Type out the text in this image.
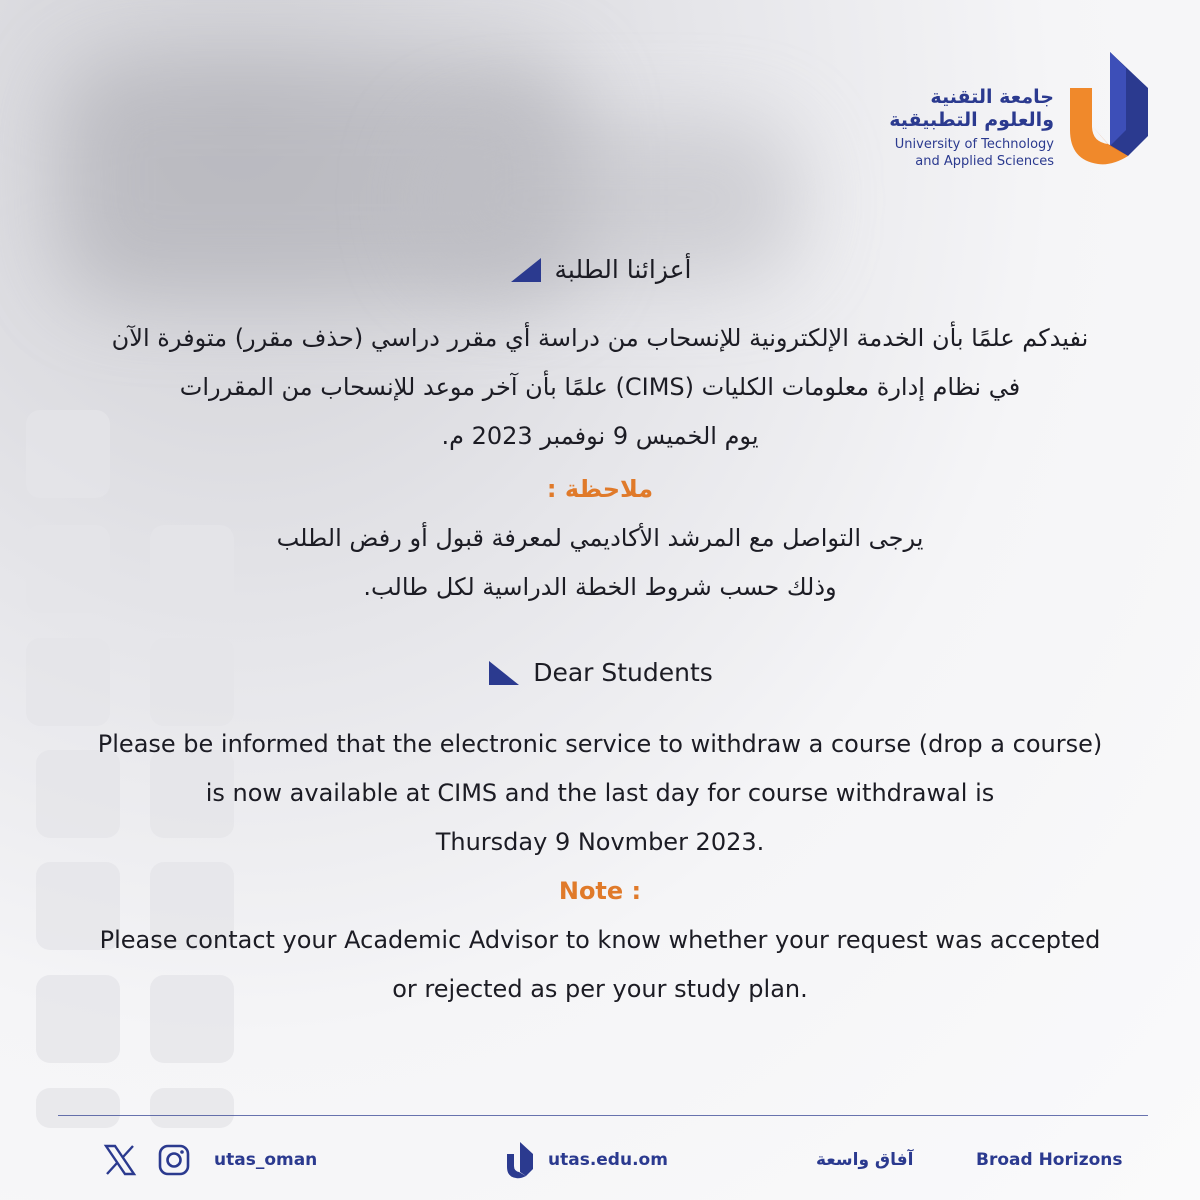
جامعة التقنية
والعلوم التطبيقية
University of Technology
and Applied Sciences
أعزائنا الطلبة
نفيدكم علمًا بأن الخدمة الإلكترونية للإنسحاب من دراسة أي مقرر دراسي (حذف مقرر) متوفرة الآن
في نظام إدارة معلومات الكليات (CIMS) علمًا بأن آخر موعد للإنسحاب من المقررات
يوم الخميس 9 نوفمبر 2023 م.
ملاحظة :
يرجى التواصل مع المرشد الأكاديمي لمعرفة قبول أو رفض الطلب
وذلك حسب شروط الخطة الدراسية لكل طالب.
Dear Students
Please be informed that the electronic service to withdraw a course (drop a course)
is now available at CIMS and the last day for course withdrawal is
Thursday 9 Novmber 2023.
Note :
Please contact your Academic Advisor to know whether your request was accepted
or rejected as per your study plan.
utas_oman	utas.edu.om	آفاق واسعة	Broad Horizons
